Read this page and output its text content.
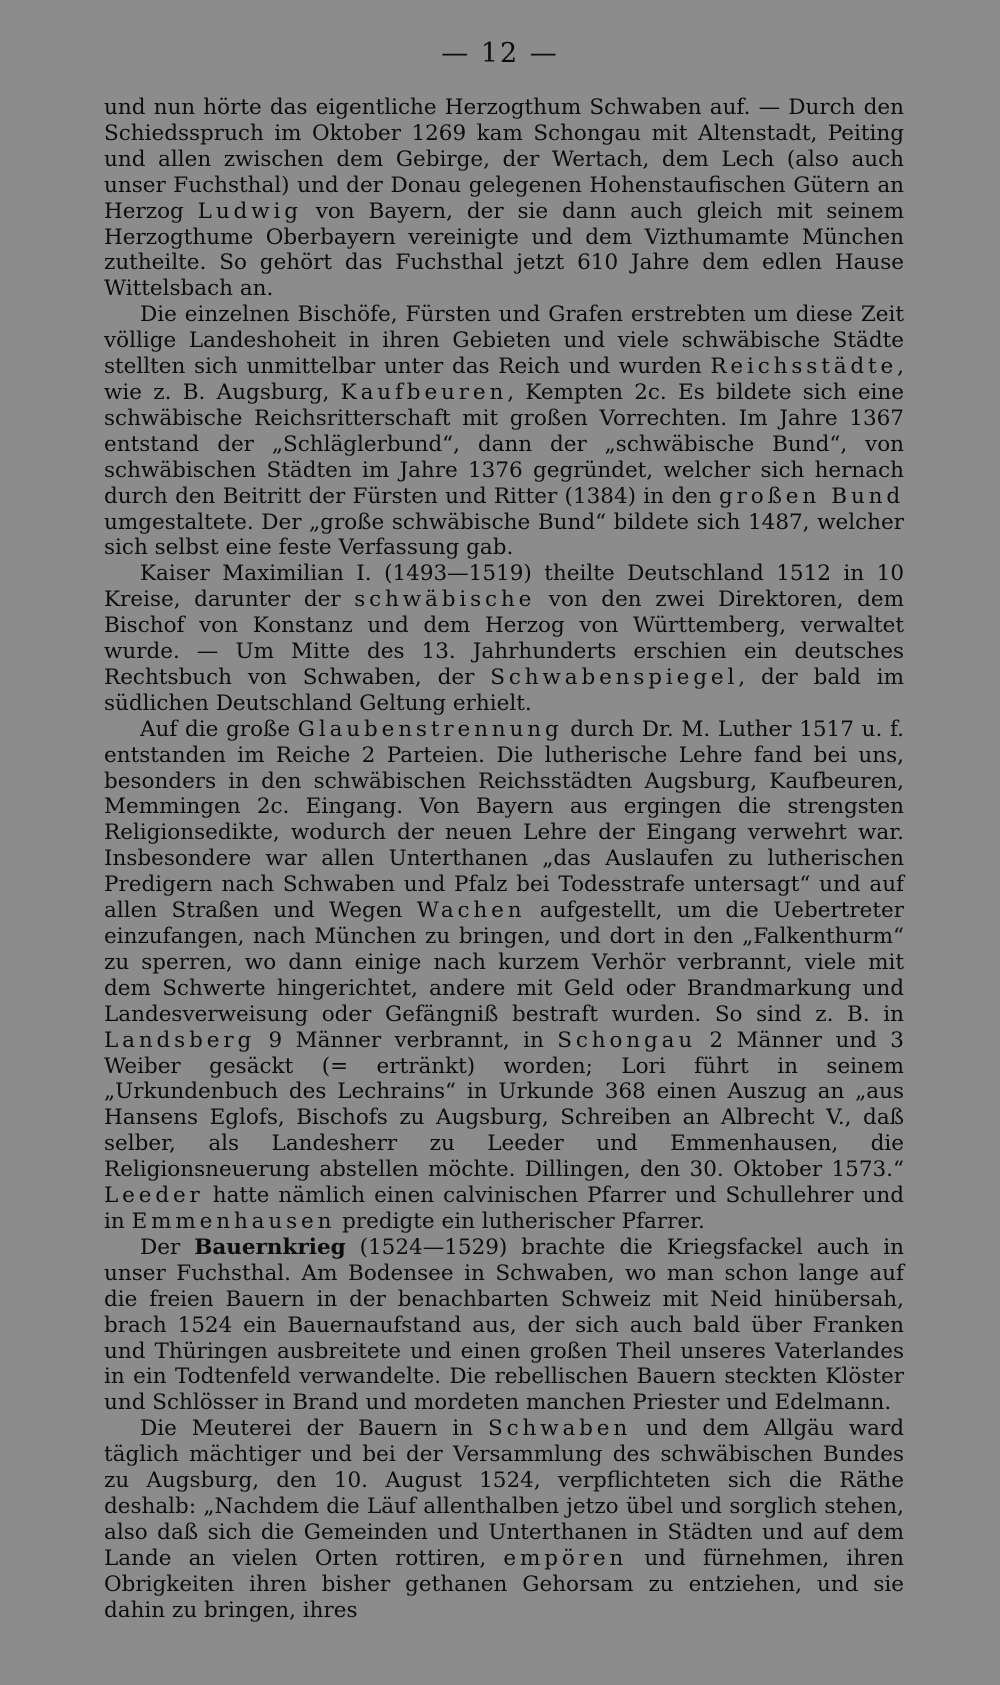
— 12 —

und nun hörte das eigentliche Herzogthum Schwaben auf. — Durch den Schiedsspruch im Oktober 1269 kam Schongau mit Altenstadt, Peiting und allen zwischen dem Gebirge, der Wertach, dem Lech (also auch unser Fuchsthal) und der Donau gelegenen Hohenstaufischen Gütern an Herzog Ludwig von Bayern, der sie dann auch gleich mit seinem Herzogthume Oberbayern vereinigte und dem Vizthumamte München zutheilte. So gehört das Fuchsthal jetzt 610 Jahre dem edlen Hause Wittelsbach an.

Die einzelnen Bischöfe, Fürsten und Grafen erstrebten um diese Zeit völlige Landeshoheit in ihren Gebieten und viele schwäbische Städte stellten sich unmittelbar unter das Reich und wurden Reichsstädte, wie z. B. Augsburg, Kaufbeuren, Kempten 2c. Es bildete sich eine schwäbische Reichsritterschaft mit großen Vorrechten. Im Jahre 1367 entstand der „Schläglerbund“, dann der „schwäbische Bund“, von schwäbischen Städten im Jahre 1376 gegründet, welcher sich hernach durch den Beitritt der Fürsten und Ritter (1384) in den großen Bund umgestaltete. Der „große schwäbische Bund“ bildete sich 1487, welcher sich selbst eine feste Verfassung gab.

Kaiser Maximilian I. (1493—1519) theilte Deutschland 1512 in 10 Kreise, darunter der schwäbische von den zwei Direktoren, dem Bischof von Konstanz und dem Herzog von Württemberg, verwaltet wurde. — Um Mitte des 13. Jahrhunderts erschien ein deutsches Rechtsbuch von Schwaben, der Schwabenspiegel, der bald im südlichen Deutschland Geltung erhielt.

Auf die große Glaubenstrennung durch Dr. M. Luther 1517 u. f. entstanden im Reiche 2 Parteien. Die lutherische Lehre fand bei uns, besonders in den schwäbischen Reichsstädten Augsburg, Kaufbeuren, Memmingen 2c. Eingang. Von Bayern aus ergingen die strengsten Religionsedikte, wodurch der neuen Lehre der Eingang verwehrt war. Insbesondere war allen Unterthanen „das Auslaufen zu lutherischen Predigern nach Schwaben und Pfalz bei Todesstrafe untersagt“ und auf allen Straßen und Wegen Wachen aufgestellt, um die Uebertreter einzufangen, nach München zu bringen, und dort in den „Falkenthurm“ zu sperren, wo dann einige nach kurzem Verhör verbrannt, viele mit dem Schwerte hingerichtet, andere mit Geld oder Brandmarkung und Landesverweisung oder Gefängniß bestraft wurden. So sind z. B. in Landsberg 9 Männer verbrannt, in Schongau 2 Männer und 3 Weiber gesäckt (= ertränkt) worden; Lori führt in seinem „Urkundenbuch des Lechrains“ in Urkunde 368 einen Auszug an „aus Hansens Eglofs, Bischofs zu Augsburg, Schreiben an Albrecht V., daß selber, als Landesherr zu Leeder und Emmenhausen, die Religionsneuerung abstellen möchte. Dillingen, den 30. Oktober 1573.“ Leeder hatte nämlich einen calvinischen Pfarrer und Schullehrer und in Emmenhausen predigte ein lutherischer Pfarrer.

Der Bauernkrieg (1524—1529) brachte die Kriegsfackel auch in unser Fuchsthal. Am Bodensee in Schwaben, wo man schon lange auf die freien Bauern in der benachbarten Schweiz mit Neid hinübersah, brach 1524 ein Bauernaufstand aus, der sich auch bald über Franken und Thüringen ausbreitete und einen großen Theil unseres Vaterlandes in ein Todtenfeld verwandelte. Die rebellischen Bauern steckten Klöster und Schlösser in Brand und mordeten manchen Priester und Edelmann.

Die Meuterei der Bauern in Schwaben und dem Allgäu ward täglich mächtiger und bei der Versammlung des schwäbischen Bundes zu Augsburg, den 10. August 1524, verpflichteten sich die Räthe deshalb: „Nachdem die Läuf allenthalben jetzo übel und sorglich stehen, also daß sich die Gemeinden und Unterthanen in Städten und auf dem Lande an vielen Orten rottiren, empören und fürnehmen, ihren Obrigkeiten ihren bisher gethanen Gehorsam zu entziehen, und sie dahin zu bringen, ihres
